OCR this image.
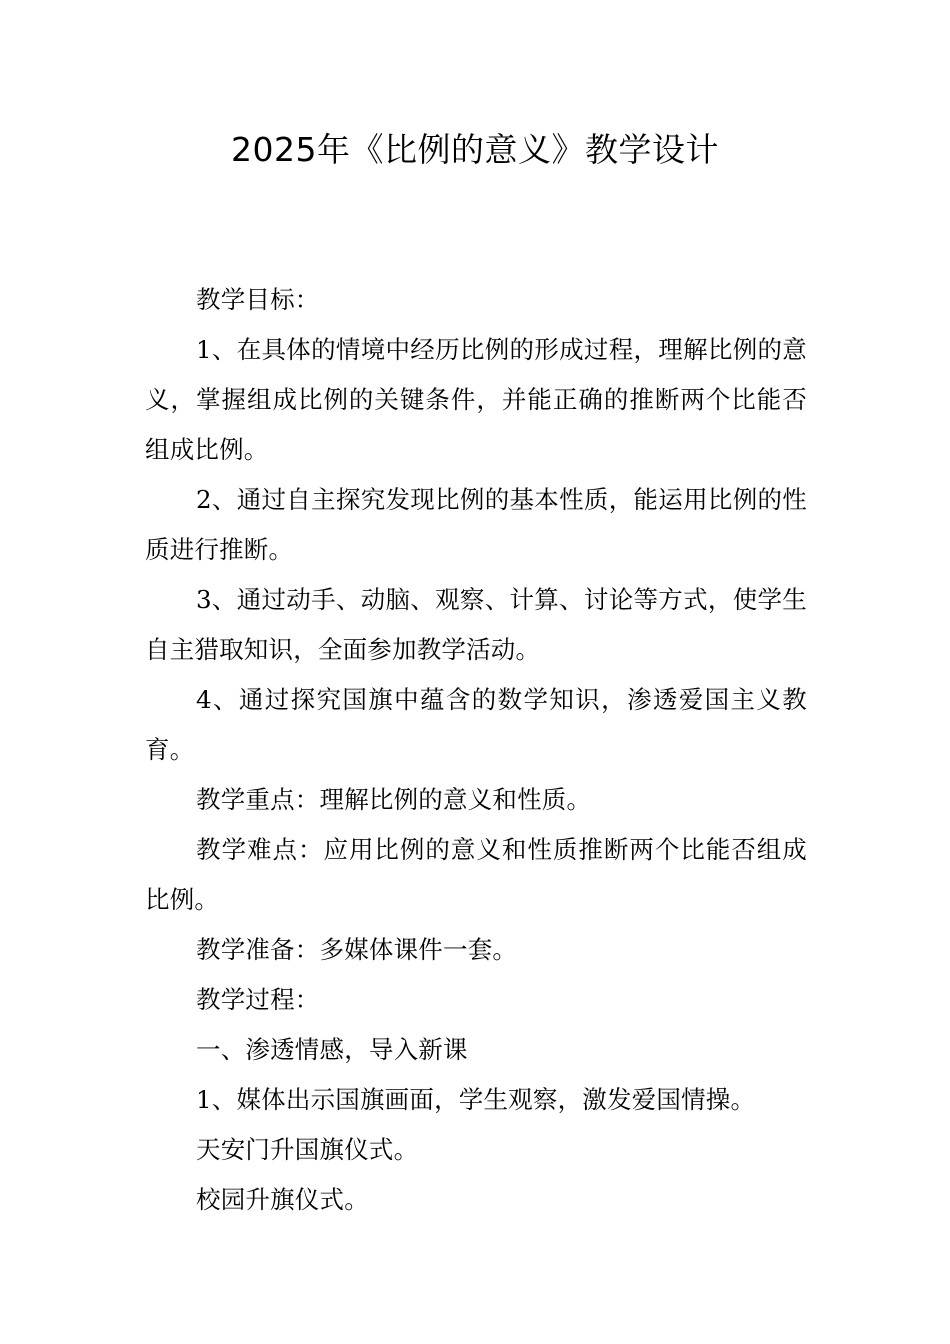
2025年《比例的意义》教学设计

教学目标：

1、在具体的情境中经历比例的形成过程，理解比例的意义，掌握组成比例的关键条件，并能正确的推断两个比能否组成比例。

2、通过自主探究发现比例的基本性质，能运用比例的性质进行推断。

3、通过动手、动脑、观察、计算、讨论等方式，使学生自主猎取知识，全面参加教学活动。

4、通过探究国旗中蕴含的数学知识，渗透爱国主义教育。

教学重点：理解比例的意义和性质。

教学难点：应用比例的意义和性质推断两个比能否组成比例。

教学准备：多媒体课件一套。

教学过程：

一、渗透情感，导入新课

1、媒体出示国旗画面，学生观察，激发爱国情操。

天安门升国旗仪式。

校园升旗仪式。
